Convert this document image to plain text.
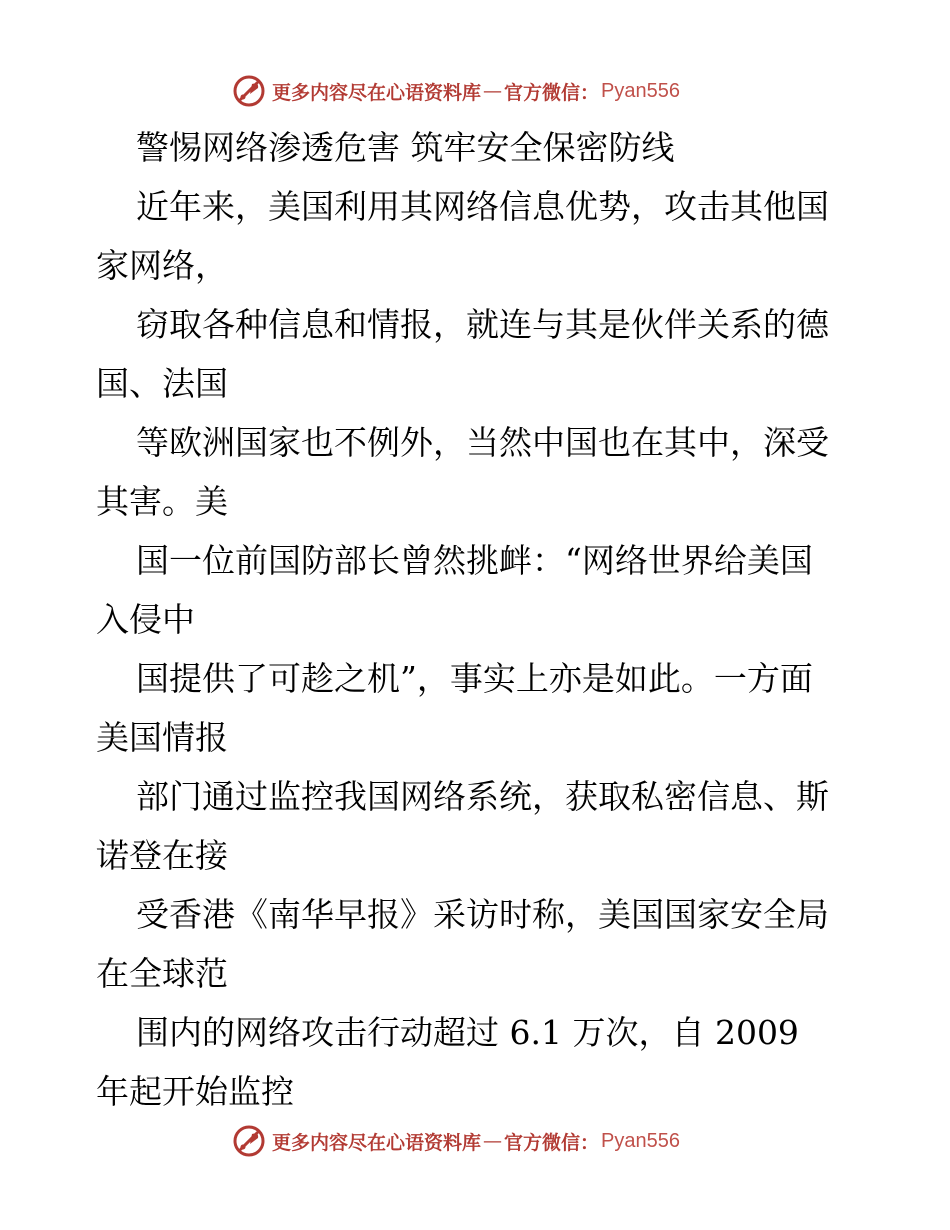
更多内容尽在心语资料库 — 官方微信： Pyan556

警惕网络渗透危害 筑牢安全保密防线

近年来，美国利用其网络信息优势，攻击其他国

家网络，

窃取各种信息和情报，就连与其是伙伴关系的德

国、法国

等欧洲国家也不例外，当然中国也在其中，深受

其害。美

国一位前国防部长曾然挑衅：“网络世界给美国

入侵中

国提供了可趁之机”，事实上亦是如此。一方面

美国情报

部门通过监控我国网络系统，获取私密信息、斯

诺登在接

受香港《南华早报》采访时称，美国国家安全局

在全球范

围内的网络攻击行动超过 6.1 万次，自 2009

年起开始监控

更多内容尽在心语资料库 — 官方微信： Pyan556
